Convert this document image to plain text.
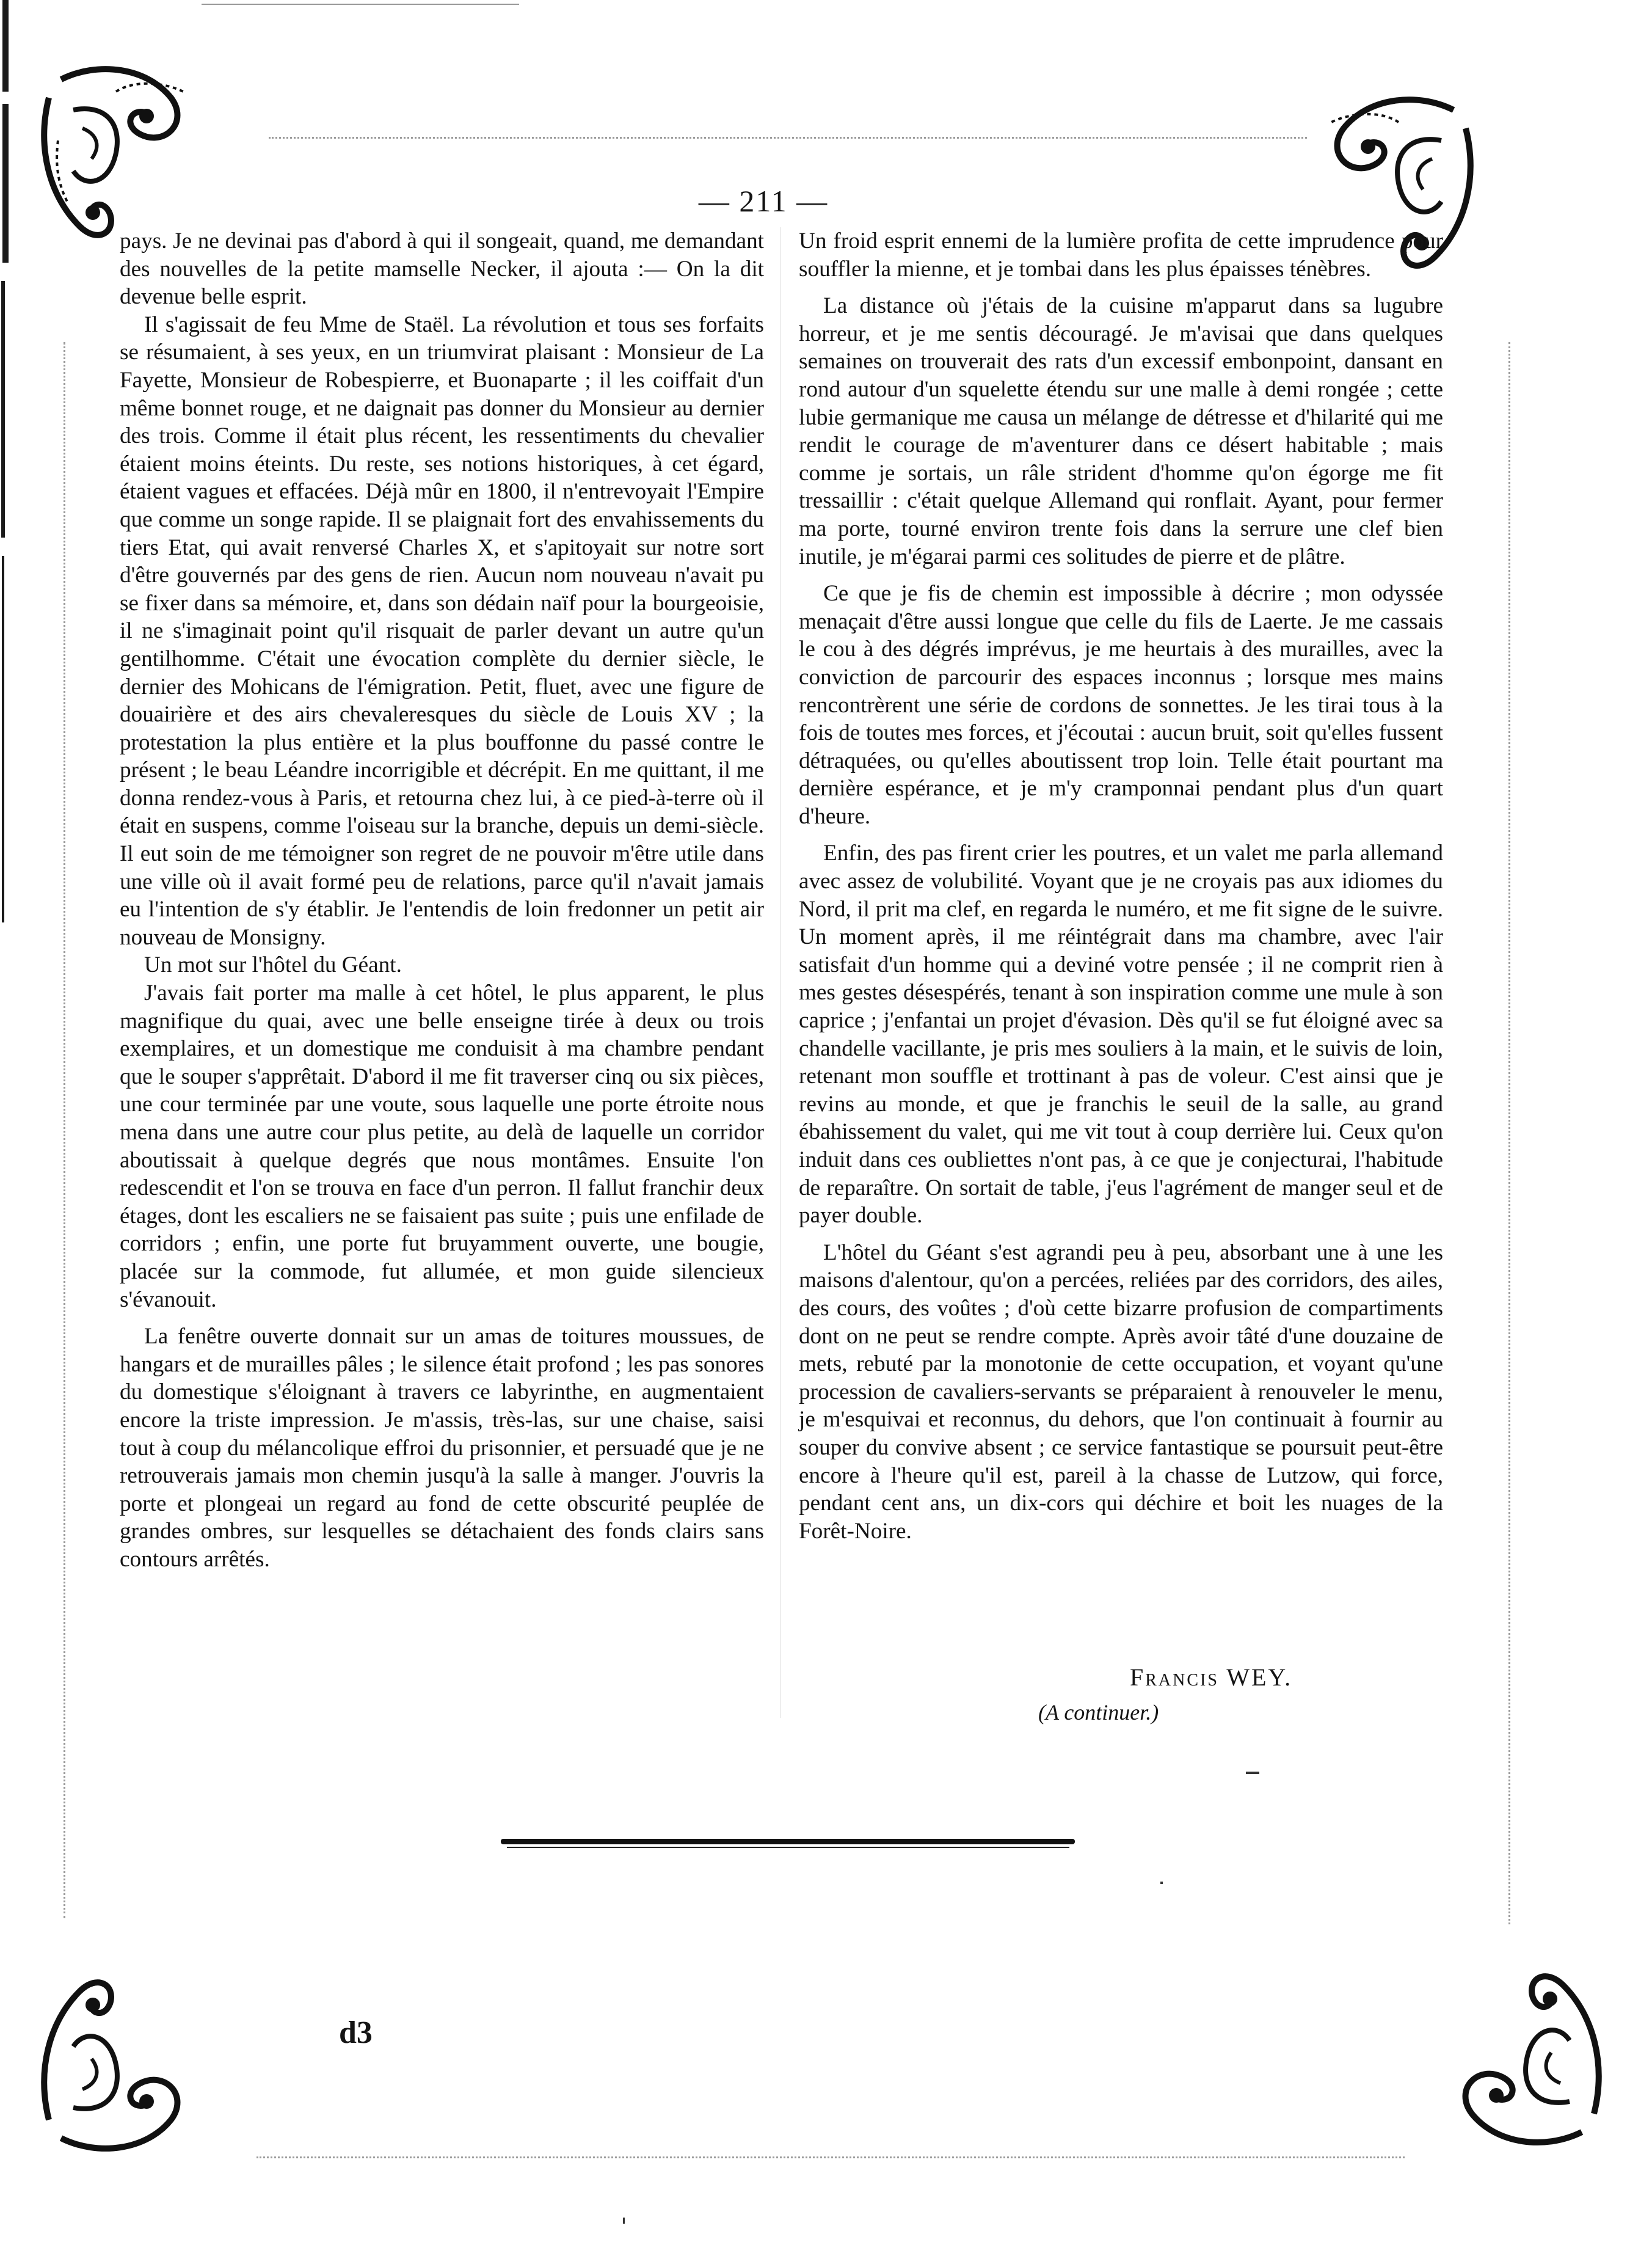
— 211 —

pays. Je ne devinai pas d'abord à qui il songeait, quand, me demandant des nouvelles de la petite mamselle Necker, il ajouta :— On la dit devenue belle esprit.

Il s'agissait de feu Mme de Staël. La révolution et tous ses forfaits se résumaient, à ses yeux, en un triumvirat plaisant : Monsieur de La Fayette, Monsieur de Robespierre, et Buonaparte ; il les coiffait d'un même bonnet rouge, et ne daignait pas donner du Monsieur au dernier des trois. Comme il était plus récent, les ressentiments du chevalier étaient moins éteints. Du reste, ses notions historiques, à cet égard, étaient vagues et effacées. Déjà mûr en 1800, il n'entrevoyait l'Empire que comme un songe rapide. Il se plaignait fort des envahissements du tiers Etat, qui avait renversé Charles X, et s'apitoyait sur notre sort d'être gouvernés par des gens de rien. Aucun nom nouveau n'avait pu se fixer dans sa mémoire, et, dans son dédain naïf pour la bourgeoisie, il ne s'imaginait point qu'il risquait de parler devant un autre qu'un gentilhomme. C'était une évocation complète du dernier siècle, le dernier des Mohicans de l'émigration. Petit, fluet, avec une figure de douairière et des airs chevaleresques du siècle de Louis XV ; la protestation la plus entière et la plus bouffonne du passé contre le présent ; le beau Léandre incorrigible et décrépit. En me quittant, il me donna rendez-vous à Paris, et retourna chez lui, à ce pied-à-terre où il était en suspens, comme l'oiseau sur la branche, depuis un demi-siècle. Il eut soin de me témoigner son regret de ne pouvoir m'être utile dans une ville où il avait formé peu de relations, parce qu'il n'avait jamais eu l'intention de s'y établir. Je l'entendis de loin fredonner un petit air nouveau de Monsigny.

Un mot sur l'hôtel du Géant.

J'avais fait porter ma malle à cet hôtel, le plus apparent, le plus magnifique du quai, avec une belle enseigne tirée à deux ou trois exemplaires, et un domestique me conduisit à ma chambre pendant que le souper s'apprêtait. D'abord il me fit traverser cinq ou six pièces, une cour terminée par une voute, sous laquelle une porte étroite nous mena dans une autre cour plus petite, au delà de laquelle un corridor aboutissait à quelque degrés que nous montâmes. Ensuite l'on redescendit et l'on se trouva en face d'un perron. Il fallut franchir deux étages, dont les escaliers ne se faisaient pas suite ; puis une enfilade de corridors ; enfin, une porte fut bruyamment ouverte, une bougie, placée sur la commode, fut allumée, et mon guide silencieux s'évanouit.

La fenêtre ouverte donnait sur un amas de toitures moussues, de hangars et de murailles pâles ; le silence était profond ; les pas sonores du domestique s'éloignant à travers ce labyrinthe, en augmentaient encore la triste impression. Je m'assis, très-las, sur une chaise, saisi tout à coup du mélancolique effroi du prisonnier, et persuadé que je ne retrouverais jamais mon chemin jusqu'à la salle à manger. J'ouvris la porte et plongeai un regard au fond de cette obscurité peuplée de grandes ombres, sur lesquelles se détachaient des fonds clairs sans contours arrêtés.

Un froid esprit ennemi de la lumière profita de cette imprudence pour souffler la mienne, et je tombai dans les plus épaisses ténèbres.

La distance où j'étais de la cuisine m'apparut dans sa lugubre horreur, et je me sentis découragé. Je m'avisai que dans quelques semaines on trouverait des rats d'un excessif embonpoint, dansant en rond autour d'un squelette étendu sur une malle à demi rongée ; cette lubie germanique me causa un mélange de détresse et d'hilarité qui me rendit le courage de m'aventurer dans ce désert habitable ; mais comme je sortais, un râle strident d'homme qu'on égorge me fit tressaillir : c'était quelque Allemand qui ronflait. Ayant, pour fermer ma porte, tourné environ trente fois dans la serrure une clef bien inutile, je m'égarai parmi ces solitudes de pierre et de plâtre.

Ce que je fis de chemin est impossible à décrire ; mon odyssée menaçait d'être aussi longue que celle du fils de Laerte. Je me cassais le cou à des dégrés imprévus, je me heurtais à des murailles, avec la conviction de parcourir des espaces inconnus ; lorsque mes mains rencontrèrent une série de cordons de sonnettes. Je les tirai tous à la fois de toutes mes forces, et j'écoutai : aucun bruit, soit qu'elles fussent détraquées, ou qu'elles aboutissent trop loin. Telle était pourtant ma dernière espérance, et je m'y cramponnai pendant plus d'un quart d'heure.

Enfin, des pas firent crier les poutres, et un valet me parla allemand avec assez de volubilité. Voyant que je ne croyais pas aux idiomes du Nord, il prit ma clef, en regarda le numéro, et me fit signe de le suivre. Un moment après, il me réintégrait dans ma chambre, avec l'air satisfait d'un homme qui a deviné votre pensée ; il ne comprit rien à mes gestes désespérés, tenant à son inspiration comme une mule à son caprice ; j'enfantai un projet d'évasion. Dès qu'il se fut éloigné avec sa chandelle vacillante, je pris mes souliers à la main, et le suivis de loin, retenant mon souffle et trottinant à pas de voleur. C'est ainsi que je revins au monde, et que je franchis le seuil de la salle, au grand ébahissement du valet, qui me vit tout à coup derrière lui. Ceux qu'on induit dans ces oubliettes n'ont pas, à ce que je conjecturai, l'habitude de reparaître. On sortait de table, j'eus l'agrément de manger seul et de payer double.

L'hôtel du Géant s'est agrandi peu à peu, absorbant une à une les maisons d'alentour, qu'on a percées, reliées par des corridors, des ailes, des cours, des voûtes ; d'où cette bizarre profusion de compartiments dont on ne peut se rendre compte. Après avoir tâté d'une douzaine de mets, rebuté par la monotonie de cette occupation, et voyant qu'une procession de cavaliers-servants se préparaient à renouveler le menu, je m'esquivai et reconnus, du dehors, que l'on continuait à fournir au souper du convive absent ; ce service fantastique se poursuit peut-être encore à l'heure qu'il est, pareil à la chasse de Lutzow, qui force, pendant cent ans, un dix-cors qui déchire et boit les nuages de la Forêt-Noire.

Francis WEY.
(A continuer.)
d3
